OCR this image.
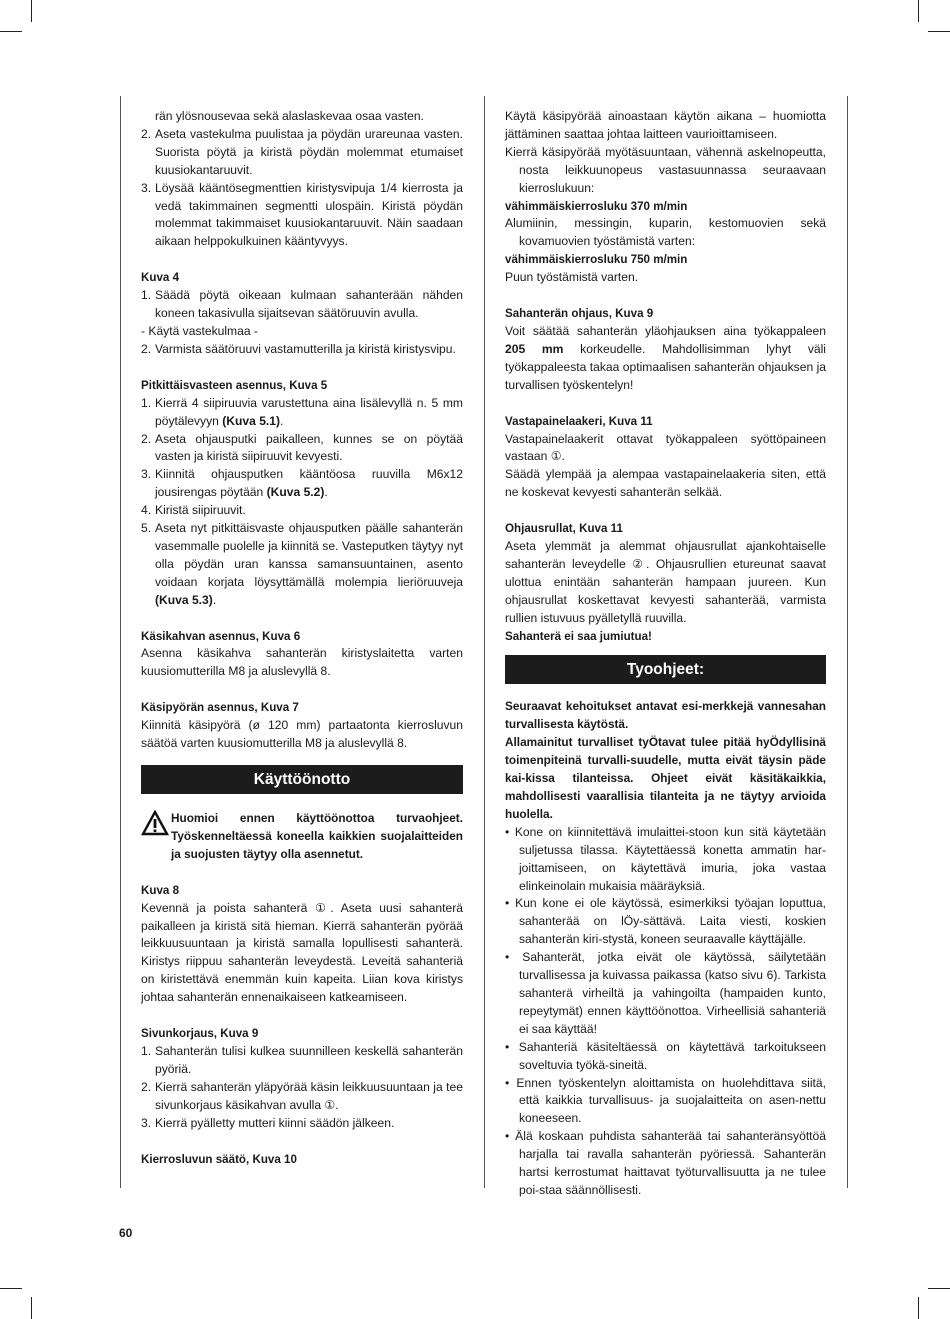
rän ylösnousevaa sekä alaslaskevaa osaa vasten.

2. Aseta vastekulma puulistaa ja pöydän urareunaa vasten. Suorista pöytä ja kiristä pöydän molemmat etumaiset kuusiokantaruuvit.
3. Löysää kääntösegmenttien kiristysvipuja 1/4 kierrosta ja vedä takimmainen segmentti ulospäin. Kiristä pöydän molemmat takimmaiset kuusiokantaruuvit. Näin saadaan aikaan helppokulkuinen kääntyvyys.

Kuva 4

1. Säädä pöytä oikeaan kulmaan sahanterään nähden koneen takasivulla sijaitsevan säätöruuvin avulla.

- Käytä vastekulmaa -

2. Varmista säätöruuvi vastamutterilla ja kiristä kiristysvipu.

Pitkittäisvasteen asennus, Kuva 5

1. Kierrä 4 siipiruuvia varustettuna aina lisälevyllä n. 5 mm pöytälevyyn (Kuva 5.1).
2. Aseta ohjausputki paikalleen, kunnes se on pöytää vasten ja kiristä siipiruuvit kevyesti.
3. Kiinnitä ohjausputken kääntöosa ruuvilla M6x12 jousirengas pöytään (Kuva 5.2).
4. Kiristä siipiruuvit.
5. Aseta nyt pitkittäisvaste ohjausputken päälle sahanterän vasemmalle puolelle ja kiinnitä se. Vasteputken täytyy nyt olla pöydän uran kanssa samansuuntainen, asento voidaan korjata löysyttämällä molempia lieriöruuveja (Kuva 5.3).

Käsikahvan asennus, Kuva 6

Asenna käsikahva sahanterän kiristyslaitetta varten kuusiomutterilla M8 ja aluslevyllä 8.

Käsipyörän asennus, Kuva 7

Kiinnitä käsipyörä (ø 120 mm) partaatonta kierrosluvun säätöä varten kuusiomutterilla M8 ja aluslevyllä 8.

Käyttöönotto

Huomioi ennen käyttöönottoa turvaohjeet. Työskenneltäessä koneella kaikkien suojalaitteiden ja suojusten täytyy olla asennetut.

Kuva 8

Kevennä ja poista sahanterä ①. Aseta uusi sahanterä paikalleen ja kiristä sitä hieman. Kierrä sahanterän pyörää leikkuusuuntaan ja kiristä samalla lopullisesti sahanterä. Kiristys riippuu sahanterän leveydestä. Leveitä sahanteriä on kiristettävä enemmän kuin kapeita. Liian kova kiristys johtaa sahanterän ennenaikaiseen katkeamiseen.

Sivunkorjaus, Kuva 9

1. Sahanterän tulisi kulkea suunnilleen keskellä sahanterän pyöriä.
2. Kierrä sahanterän yläpyörää käsin leikkuusuuntaan ja tee sivunkorjaus käsikahvan avulla ①.
3. Kierrä pyälletty mutteri kiinni säädön jälkeen.

Kierrosluvun säätö, Kuva 10

Käytä käsipyörää ainoastaan käytön aikana – huomiotta jättäminen saattaa johtaa laitteen vaurioittamiseen.

Kierrä käsipyörää myötäsuuntaan, vähennä askelnopeutta, nosta leikkuunopeus vastasuunnassa seuraavaan kierroslukuun:

vähimmäiskierrosluku 370 m/min

Alumiinin, messingin, kuparin, kestomuovien sekä kovamuovien työstämistä varten:

vähimmäiskierrosluku 750 m/min

Puun työstämistä varten.

Sahanterän ohjaus, Kuva 9

Voit säätää sahanterän yläohjauksen aina työkappaleen 205 mm korkeudelle. Mahdollisimman lyhyt väli työkappaleesta takaa optimaalisen sahanterän ohjauksen ja turvallisen työskentelyn!

Vastapainelaakeri, Kuva 11

Vastapainelaakerit ottavat työkappaleen syöttöpaineen vastaan ①.

Säädä ylempää ja alempaa vastapainelaakeria siten, että ne koskevat kevyesti sahanterän selkää.

Ohjausrullat, Kuva 11

Aseta ylemmät ja alemmat ohjausrullat ajankohtaiselle sahanterän leveydelle ②. Ohjausrullien etureunat saavat ulottua enintään sahanterän hampaan juureen. Kun ohjausrullat koskettavat kevyesti sahanterää, varmista rullien istuvuus pyälletyllä ruuvilla.

Sahanterä ei saa jumiutua!

Tyoohjeet:

Seuraavat kehoitukset antavat esi-merkkejä vannesahan turvallisesta käytöstä.

Allamainitut turvalliset tyÖtavat tulee pitää hyÖdyllisinä toimenpiteinä turvalli-suudelle, mutta eivät täysin päde kai-kissa tilanteissa. Ohjeet eivät käsitäkaikkia, mahdollisesti vaarallisia tilanteita ja ne täytyy arvioida huolella.

• Kone on kiinnitettävä imulaittei-stoon kun sitä käytetään suljetussa tilassa. Käytettäessä konetta ammatin har-joittamiseen, on käytettävä imuria, joka vastaa elinkeinolain mukaisia määräyksiä.

• Kun kone ei ole käytössä, esimerkiksi työajan loputtua, sahanterää on lÖy-sättävä. Laita viesti, koskien sahanterän kiri-stystä, koneen seuraavalle käyttäjälle.

• Sahanterät, jotka eivät ole käytössä, säilytetään turvallisessa ja kuivassa paikassa (katso sivu 6). Tarkista sahanterä virheiltä ja vahingoilta (hampaiden kunto, repeytymät) ennen käyttöönottoa. Virheellisiä sahanteriä ei saa käyttää!

• Sahanteriä käsiteltäessä on käytettävä tarkoitukseen soveltuvia työkä-sineitä.

• Ennen työskentelyn aloittamista on huolehdittava siitä, että kaikkia turvallisuus- ja suojalaitteita on asen-nettu koneeseen.

• Älä koskaan puhdista sahanterää tai sahanteränsyöttöä harjalla tai ravalla sahanterän pyöriessä. Sahanterän hartsi kerrostumat haittavat työturvallisuutta ja ne tulee poi-staa säännöllisesti.

60
